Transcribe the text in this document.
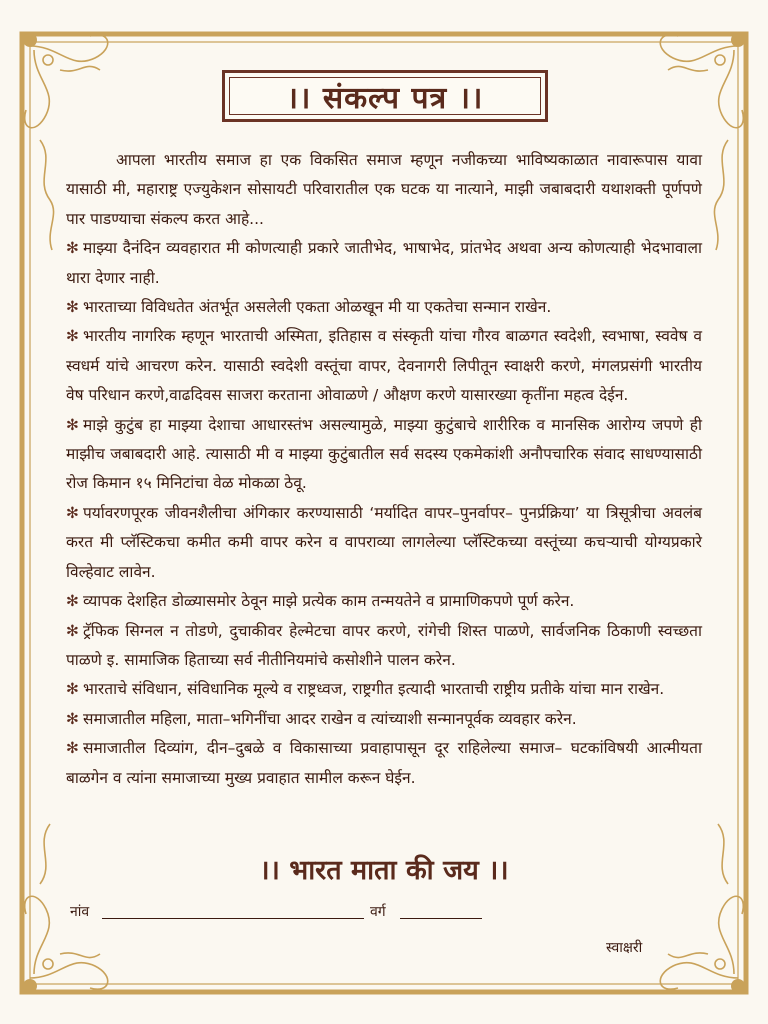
।। संकल्प पत्र ।।

आपला भारतीय समाज हा एक विकसित समाज म्हणून नजीकच्या भाविष्यकाळात नावारूपास यावा यासाठी मी, महाराष्ट्र एज्युकेशन सोसायटी परिवारातील एक घटक या नात्याने, माझी जबाबदारी यथाशक्ती पूर्णपणे पार पाडण्याचा संकल्प करत आहे...

✻ माझ्या दैनंदिन व्यवहारात मी कोणत्याही प्रकारे जातीभेद, भाषाभेद, प्रांतभेद अथवा अन्य कोणत्याही भेदभावाला थारा देणार नाही.

✻ भारताच्या विविधतेत अंतर्भूत असलेली एकता ओळखून मी या एकतेचा सन्मान राखेन.

✻ भारतीय नागरिक म्हणून भारताची अस्मिता, इतिहास व संस्कृती यांचा गौरव बाळगत स्वदेशी, स्वभाषा, स्ववेष व स्वधर्म यांचे आचरण करेन. यासाठी स्वदेशी वस्तूंचा वापर, देवनागरी लिपीतून स्वाक्षरी करणे, मंगलप्रसंगी भारतीय वेष परिधान करणे,वाढदिवस साजरा करताना ओवाळणे / औक्षण करणे यासारख्या कृतींना महत्व देईन.

✻ माझे कुटुंब हा माझ्या देशाचा आधारस्तंभ असल्यामुळे, माझ्या कुटुंबाचे शारीरिक व मानसिक आरोग्य जपणे ही माझीच जबाबदारी आहे. त्यासाठी मी व माझ्या कुटुंबातील सर्व सदस्य एकमेकांशी अनौपचारिक संवाद साधण्यासाठी रोज किमान १५ मिनिटांचा वेळ मोकळा ठेवू.

✻ पर्यावरणपूरक जीवनशैलीचा अंगिकार करण्यासाठी ‘मर्यादित वापर–पुनर्वापर– पुनर्प्रक्रिया’ या त्रिसूत्रीचा अवलंब करत मी प्लॅस्टिकचा कमीत कमी वापर करेन व वापराव्या लागलेल्या प्लॅस्टिकच्या वस्तूंच्या कचऱ्याची योग्यप्रकारे विल्हेवाट लावेन.

✻ व्यापक देशहित डोळ्यासमोर ठेवून माझे प्रत्येक काम तन्मयतेने व प्रामाणिकपणे पूर्ण करेन.

✻ ट्रॅफिक सिग्नल न तोडणे, दुचाकीवर हेल्मेटचा वापर करणे, रांगेची शिस्त पाळणे, सार्वजनिक ठिकाणी स्वच्छता पाळणे इ. सामाजिक हिताच्या सर्व नीतीनियमांचे कसोशीने पालन करेन.

✻ भारताचे संविधान, संविधानिक मूल्ये व राष्ट्रध्वज, राष्ट्रगीत इत्यादी भारताची राष्ट्रीय प्रतीके यांचा मान राखेन.

✻ समाजातील महिला, माता–भगिनींचा आदर राखेन व त्यांच्याशी सन्मानपूर्वक व्यवहार करेन.

✻ समाजातील दिव्यांग, दीन–दुबळे व विकासाच्या प्रवाहापासून दूर राहिलेल्या समाज– घटकांविषयी आत्मीयता बाळगेन व त्यांना समाजाच्या मुख्य प्रवाहात सामील करून घेईन.

।। भारत माता की जय ।।
नांव	वर्ग
स्वाक्षरी
